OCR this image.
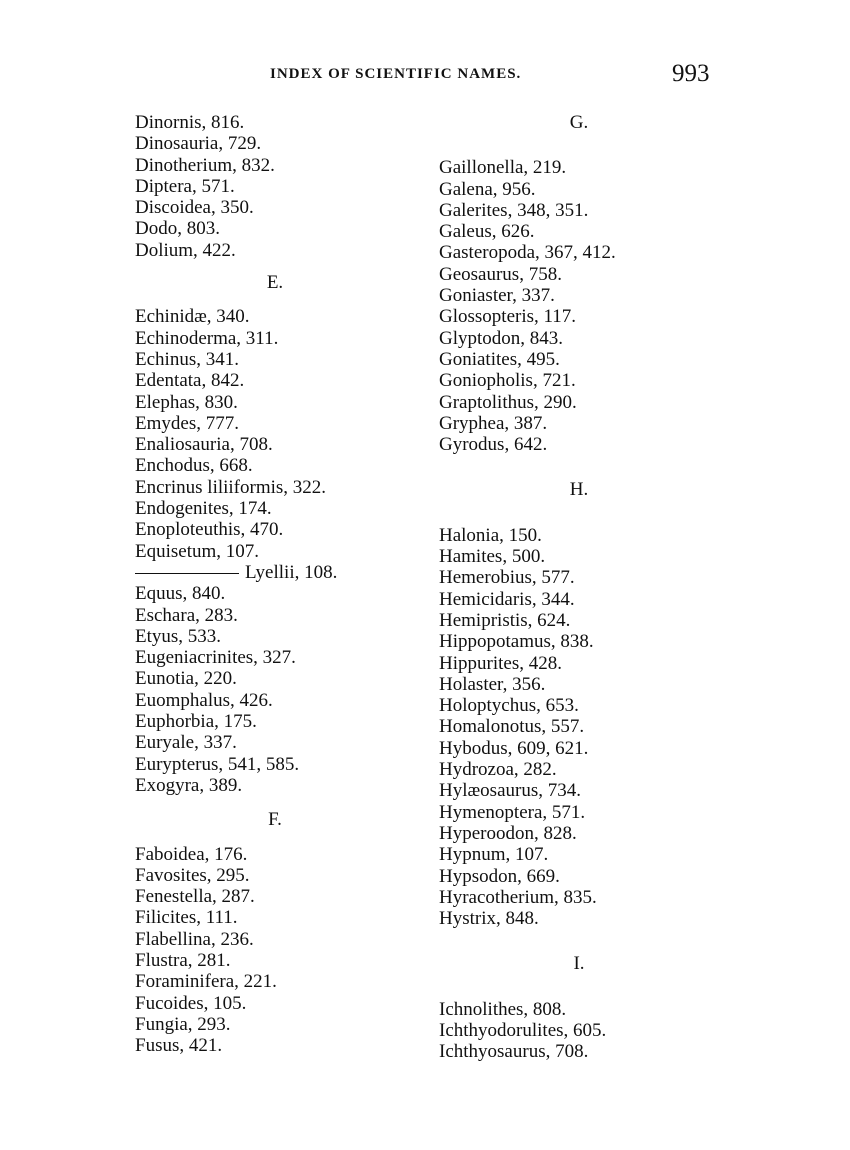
INDEX OF SCIENTIFIC NAMES.	993
Dinornis, 816.
Dinosauria, 729.
Dinotherium, 832.
Diptera, 571.
Discoidea, 350.
Dodo, 803.
Dolium, 422.
E.
Echinidæ, 340.
Echinoderma, 311.
Echinus, 341.
Edentata, 842.
Elephas, 830.
Emydes, 777.
Enaliosauria, 708.
Enchodus, 668.
Encrinus liliiformis, 322.
Endogenites, 174.
Enoploteuthis, 470.
Equisetum, 107.
Lyellii, 108.
Equus, 840.
Eschara, 283.
Etyus, 533.
Eugeniacrinites, 327.
Eunotia, 220.
Euomphalus, 426.
Euphorbia, 175.
Euryale, 337.
Eurypterus, 541, 585.
Exogyra, 389.
F.
Faboidea, 176.
Favosites, 295.
Fenestella, 287.
Filicites, 111.
Flabellina, 236.
Flustra, 281.
Foraminifera, 221.
Fucoides, 105.
Fungia, 293.
Fusus, 421.
G.
Gaillonella, 219.
Galena, 956.
Galerites, 348, 351.
Galeus, 626.
Gasteropoda, 367, 412.
Geosaurus, 758.
Goniaster, 337.
Glossopteris, 117.
Glyptodon, 843.
Goniatites, 495.
Goniopholis, 721.
Graptolithus, 290.
Gryphea, 387.
Gyrodus, 642.
H.
Halonia, 150.
Hamites, 500.
Hemerobius, 577.
Hemicidaris, 344.
Hemipristis, 624.
Hippopotamus, 838.
Hippurites, 428.
Holaster, 356.
Holoptychus, 653.
Homalonotus, 557.
Hybodus, 609, 621.
Hydrozoa, 282.
Hylæosaurus, 734.
Hymenoptera, 571.
Hyperoodon, 828.
Hypnum, 107.
Hypsodon, 669.
Hyracotherium, 835.
Hystrix, 848.
I.
Ichnolithes, 808.
Ichthyodorulites, 605.
Ichthyosaurus, 708.
